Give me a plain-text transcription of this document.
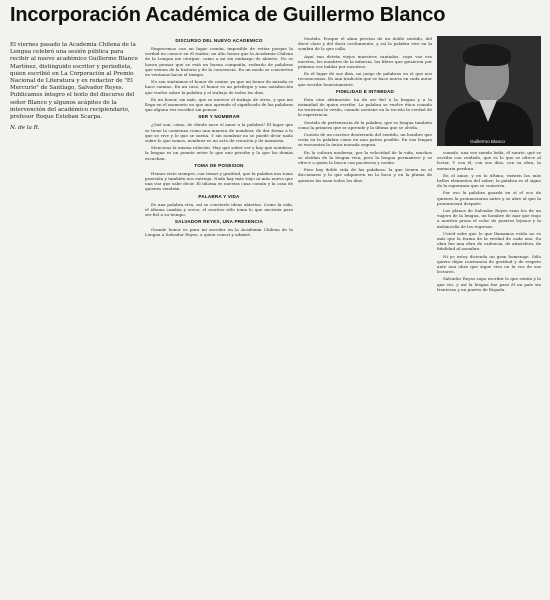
Incorporación Académica de Guillermo Blanco
El viernes pasado la Academia Chilena de la Lengua celebró una sesión pública para recibir al nuevo académico Guillermo Blanco Martínez, distinguido escritor y periodista, quien escribió en La Corporación al Premio Nacional de Literatura y ex redactor de "El Mercurio" de Santiago, Salvador Reyes. Publicamos íntegro el texto del discurso del señor Blanco y algunos acápites de la intervención del académico recipiendario, profesor Roque Esteban Scarpa.
N. de la R.
DISCURSO DEL NUEVO ACADEMICO

Empecemos con un lugar común, imposible de evitar porque la verdad no conoce en él ruidos: un alto honor que la Academia Chilena de la Lengua me otorgue, como a mi sin embargo de abierto. No es honra pensar que se está en buena compañía, rodeado de palabras que vienen de la historia y de la conciencia. En un modo se convierten en ventanas hacia el tiempo.

No son sinónimos el honor de contar, ya que un honor de mirada se hace camino. En mi caso, el honor es un privilegio y una satisfacción que vuelve sobre la palabra y el trabajo de todos los días.

Es un honor, sin más, que se merece el trabajo de otros, y que me llega en el momento en que uno aprende el significado de las palabras que alguna vez escribió sin pensar.

SER Y NOMBRAR

¿Qué son, cómo, de dónde nace el amor a la palabra? El lugar que se tiene la comienza como una manera de nombrar, de dar forma a lo que se vive y lo que se sueña. Y sin nombrar no se puede decir nada sobre lo que somos, nombrar es un acto de creación y de memoria.

Menciono la misma relación. Hay que saber ser y hay que nombrar; la lengua es un puente entre lo que uno percibe y lo que los demás escuchan.

TOMA DE POSESION

Hemos visto siempre, con temor y gratitud, que la palabra nos toma posesión y también nos entrega. Nada hay más viejo ni más nuevo que una voz que sabe decir. El idioma es nuestra casa común y la casa de quienes vendrán.

PALABRA Y VIDA

Es una palabra viva, así se convierte ideas abiertas. Como la vida, el idioma cambia y crece; el escritor sólo toma lo que necesita para ser fiel a su tiempo.

SALVADOR REYES, UNA PRESENCIA

Grande honor es para mí suceder en la Academia Chilena de la Lengua a Salvador Reyes, a quien conocí y admiré.

Sentido. Porque el alma precisa de un doble sentido, del decir claro y del decir ocultamente, y así la palabra vive en la sombra de lo que calla.

Aquí van detrás viejos maestros cantados, cuya voz era nuestra, los nombres de la infancia, los libros que quisieron por primera vez hablar por nosotros.

Es el lugar de sus días, un juego de palabras en el que nos reconocemos. Es una tradición que se hace nueva en cada autor que escribe honestamente.

FIDELIDAD E INTIMIDAD

Esta otra afirmación: ha de ser fiel a la lengua y a la intimidad de quien escribe. La palabra se vuelve ética cuando no traiciona lo vivido, cuando sostiene en lo escrito la verdad de la experiencia.

Sentido de pertenencia de la palabra, que es lengua también como la primera que se aprende y la última que se olvida.

Cuento de un escritor desterrado del sentido, un hombre que creía en la palabra como en una patria posible. En esa lengua se encuentra la única morada segura.

En la cultura moderna, por la velocidad de la vida, muchos se olvidan de la lengua viva; pero la lengua permanece y se ofrece a quien la busca con paciencia y cariño.

Pero hay doble vida de las palabras: la que tienen en el diccionario y la que adquieren en la boca y en la pluma de quienes las usan todos los días.

Guillermo Blanco

cuando, una vez siendo leída, él sonríe, qué se escribe con cuidado, que es lo que se ofrece al lector. Y con él, con sus días, con su obra, la memoria perdura.

En el amor, y en lo último, existen los más bellos elementos del saber; la palabra es el signo de la esperanza que se conserva.

Por eso la palabra guarda en sí el eco de quienes la pronunciaron antes y se abre al que la pronunciará después.

Los planos de Salvador Reyes eran los de un viajero de la lengua, un hombre de mar que trajo a nuestra prosa el color de puertos lejanos y la melancolía de los regresos.

Usted sabe que lo que llamamos estilo no es más que la forma de la verdad de cada uno. Su obra fue una obra de cadencia, de atmósfera, de fidelidad al asombro.

Ni yo estoy diciendo un gran homenaje. Sólo quiero dejar constancia de gratitud y de respeto ante una obra que sigue viva en la voz de sus lectores.

Salvador Reyes supo escribir lo que sentía y lo que vio, y así la lengua fue para él un país sin fronteras y un puerto de llegada.
